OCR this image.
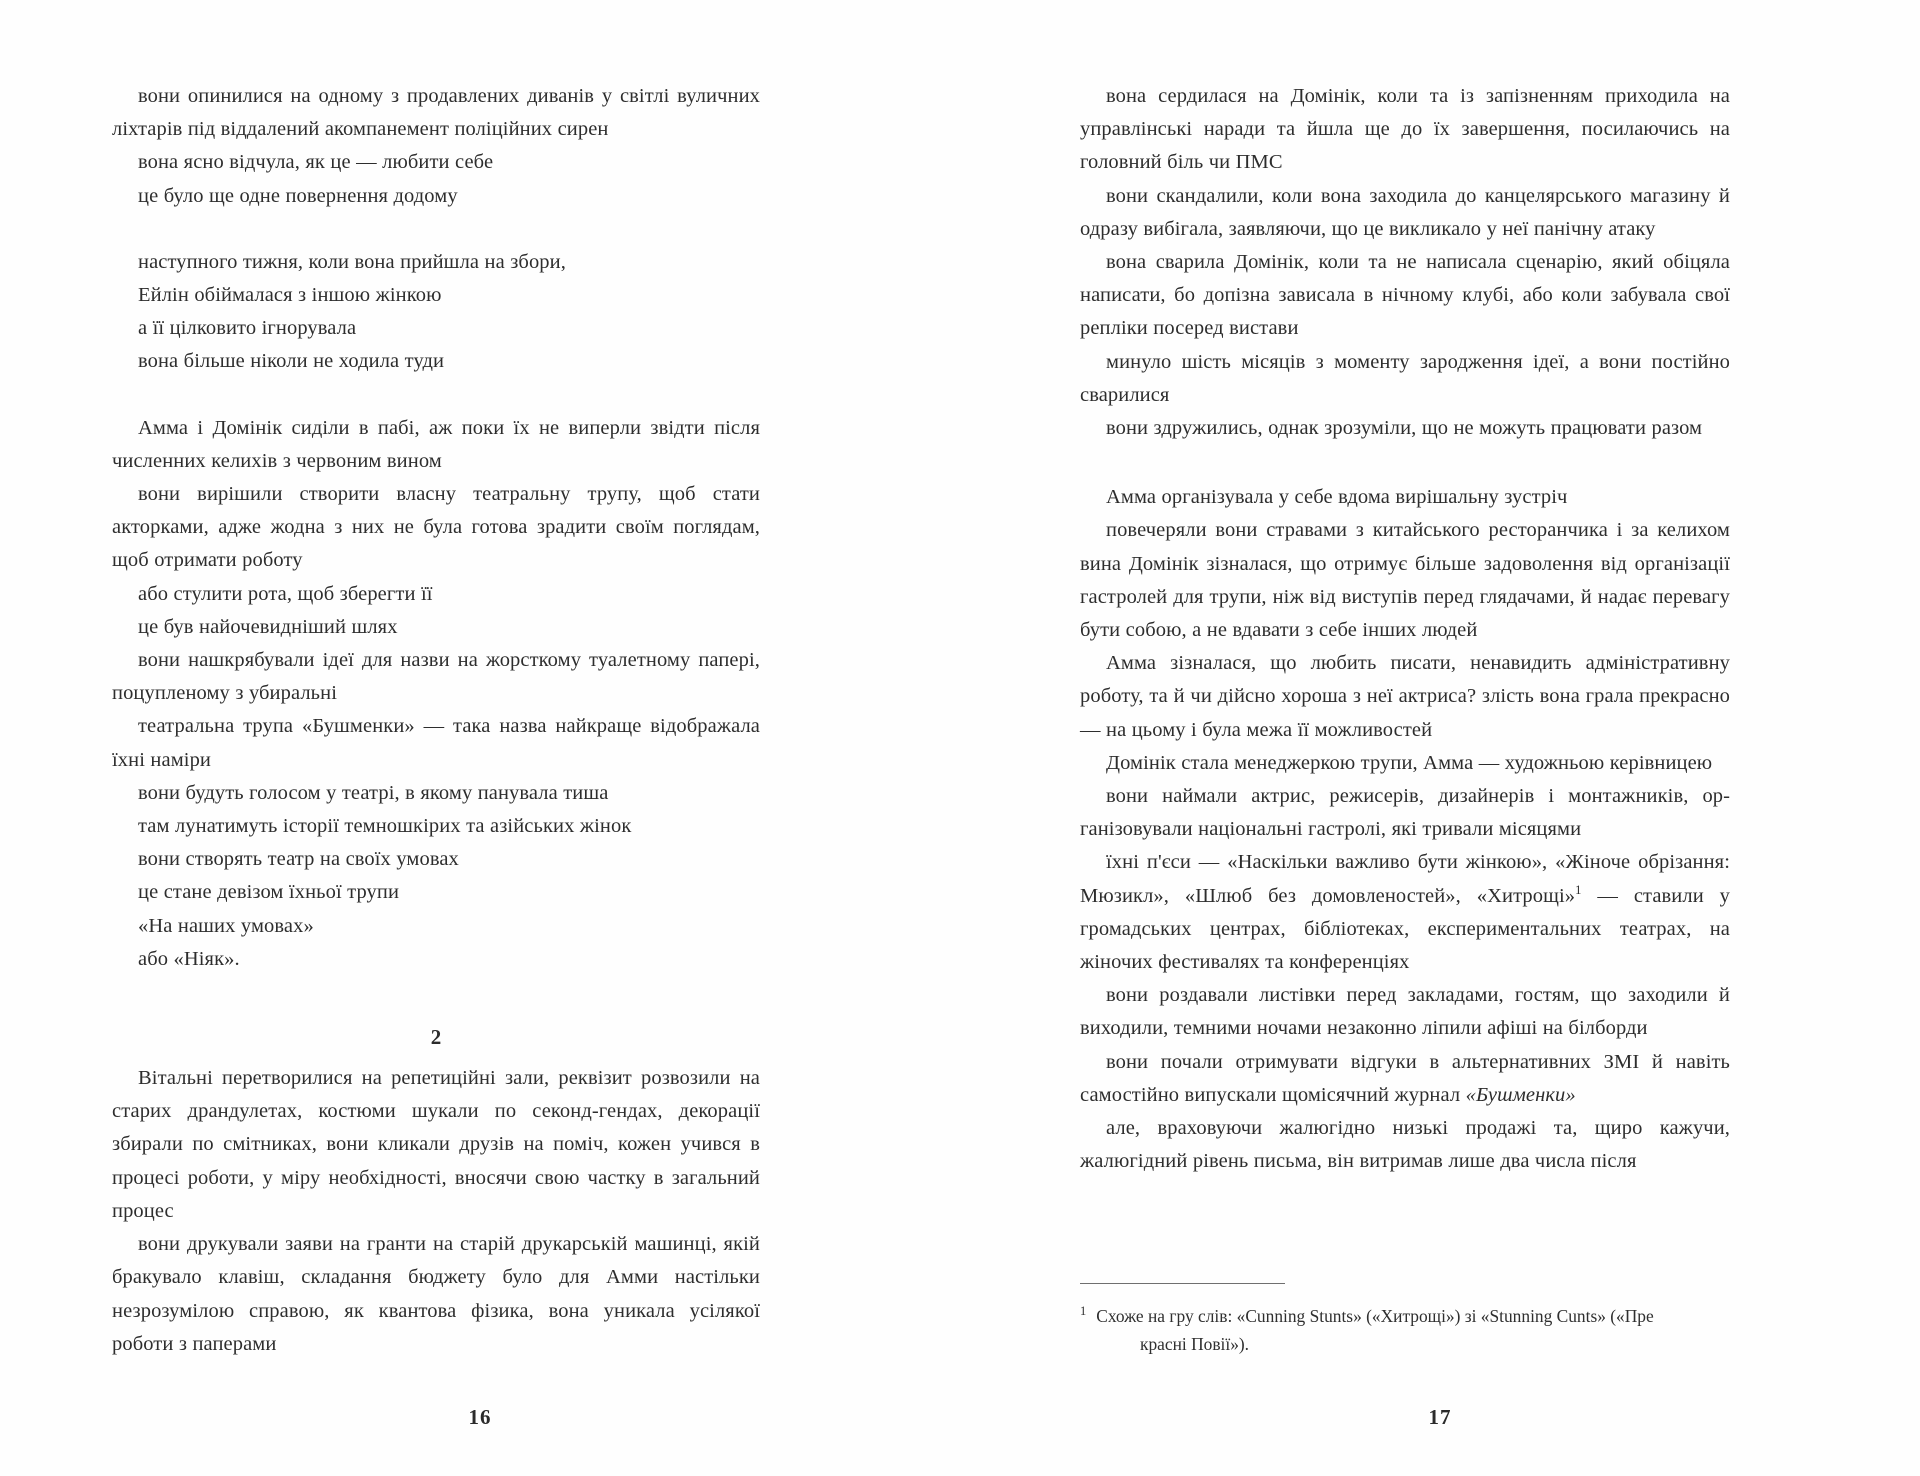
вони опинилися на одному з продавлених диванів у світлі вуличних ліхтарів під віддалений акомпанемент поліційних сирен

вона ясно відчула, як це — любити себе

це було ще одне повернення додому

наступного тижня, коли вона прийшла на збори,

Ейлін обіймалася з іншою жінкою

а її цілковито ігнорувала

вона більше ніколи не ходила туди

Амма і Домінік сиділи в пабі, аж поки їх не виперли звідти після численних келихів з червоним вином

вони вирішили створити власну театральну трупу, щоб стати акторками, адже жодна з них не була готова зрадити своїм поглядам, щоб отримати роботу

або стулити рота, щоб зберегти її

це був найочевидніший шлях

вони нашкрябували ідеї для назви на жорсткому туалетному папері, поцупленому з убиральні

театральна трупа «Бушменки» — така назва найкраще відображала їхні наміри

вони будуть голосом у театрі, в якому панувала тиша

там лунатимуть історії темношкірих та азійських жінок

вони створять театр на своїх умовах

це стане девізом їхньої трупи

«На наших умовах»

або «Ніяк».

2

Вітальні перетворилися на репетиційні зали, реквізит розвозили на старих драндулетах, костюми шукали по секонд-гендах, декорації збирали по смітниках, вони кликали друзів на поміч, кожен учився в процесі роботи, у міру необхідності, вносячи свою частку в загальний процес

вони друкували заяви на гранти на старій друкарській машинці, якій бракувало клавіш, складання бюджету було для Амми настільки незрозумілою справою, як квантова фізика, вона уникала усілякої роботи з паперами

16

вона сердилася на Домінік, коли та із запізненням приходила на управлінські наради та йшла ще до їх завершення, посилаючись на головний біль чи ПМС

вони скандалили, коли вона заходила до канцелярського магазину й одразу вибігала, заявляючи, що це викликало у неї панічну атаку

вона сварила Домінік, коли та не написала сценарію, який обіцяла написати, бо допізна зависала в нічному клубі, або коли забувала свої репліки посеред вистави

минуло шість місяців з моменту зародження ідеї, а вони постійно сварилися

вони здружились, однак зрозуміли, що не можуть працювати разом

Амма організувала у себе вдома вирішальну зустріч

повечеряли вони стравами з китайського ресторанчика і за келихом вина Домінік зізналася, що отримує більше задоволення від організації гастролей для трупи, ніж від виступів перед глядачами, й надає перевагу бути собою, а не вдавати з себе інших людей

Амма зізналася, що любить писати, ненавидить адміністративну роботу, та й чи дійсно хороша з неї актриса? злість вона грала прекрасно — на цьому і була межа її можливостей

Домінік стала менеджеркою трупи, Амма — художньою керівницею

вони наймали актрис, режисерів, дизайнерів і монтажників, організовували національні гастролі, які тривали місяцями

їхні п'єси — «Наскільки важливо бути жінкою», «Жіноче обрізання: Мюзикл», «Шлюб без домовленостей», «Хитрощі»$^1$ — ставили у громадських центрах, бібліотеках, експериментальних театрах, на жіночих фестивалях та конференціях

вони роздавали листівки перед закладами, гостям, що заходили й виходили, темними ночами незаконно ліпили афіші на білборди

вони почали отримувати відгуки в альтернативних ЗМІ й навіть самостійно випускали щомісячний журнал «Бушменки»

але, враховуючи жалюгідно низькі продажі та, щиро кажучи, жалюгідний рівень письма, він витримав лише два числа після

$^1$ Схоже на гру слів: «Cunning Stunts» («Хитрощі») зі «Stunning Cunts» («Пре
красні Повії»).

17
